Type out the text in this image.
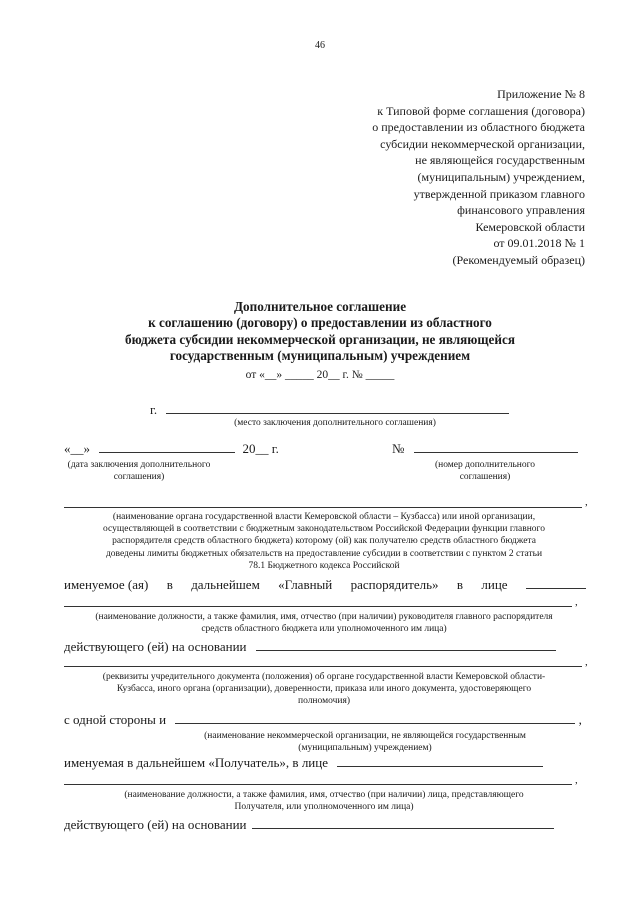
46
Приложение № 8
к Типовой форме соглашения (договора)
о предоставлении из областного бюджета
субсидии некоммерческой организации,
не являющейся государственным
(муниципальным) учреждением,
утвержденной приказом главного
финансового управления
Кемеровской области
от 09.01.2018 № 1
(Рекомендуемый образец)
Дополнительное соглашение
к соглашению (договору) о предоставлении из областного
бюджета субсидии некоммерческой организации, не являющейся
государственным (муниципальным) учреждением
от «__» _____ 20__ г. № _____
г.
(место заключения дополнительного соглашения)
«__»	20__ г.	№
(дата заключения дополнительного
соглашения)
(номер дополнительного
соглашения)
,
(наименование органа государственной власти Кемеровской области – Кузбасса) или иной организации,
осуществляющей в соответствии с бюджетным законодательством Российской Федерации функции главного
распорядителя средств областного бюджета) которому (ой) как получателю средств областного бюджета
доведены лимиты бюджетных обязательств на предоставление субсидии в соответствии с пунктом 2 статьи
78.1 Бюджетного кодекса Российской
именуемое (ая) в дальнейшем «Главный распорядитель» в лице
,
(наименование должности, а также фамилия, имя, отчество (при наличии) руководителя главного распорядителя
средств областного бюджета или уполномоченного им лица)
действующего (ей) на основании
,
(реквизиты учредительного документа (положения) об органе государственной власти Кемеровской области-
Кузбасса, иного органа (организации), доверенности, приказа или иного документа, удостоверяющего
полномочия)
с одной стороны и	,
(наименование некоммерческой организации, не являющейся государственным
(муниципальным) учреждением)
именуемая в дальнейшем «Получатель», в лице
,
(наименование должности, а также фамилия, имя, отчество (при наличии) лица, представляющего
Получателя, или уполномоченного им лица)
действующего (ей) на основании
